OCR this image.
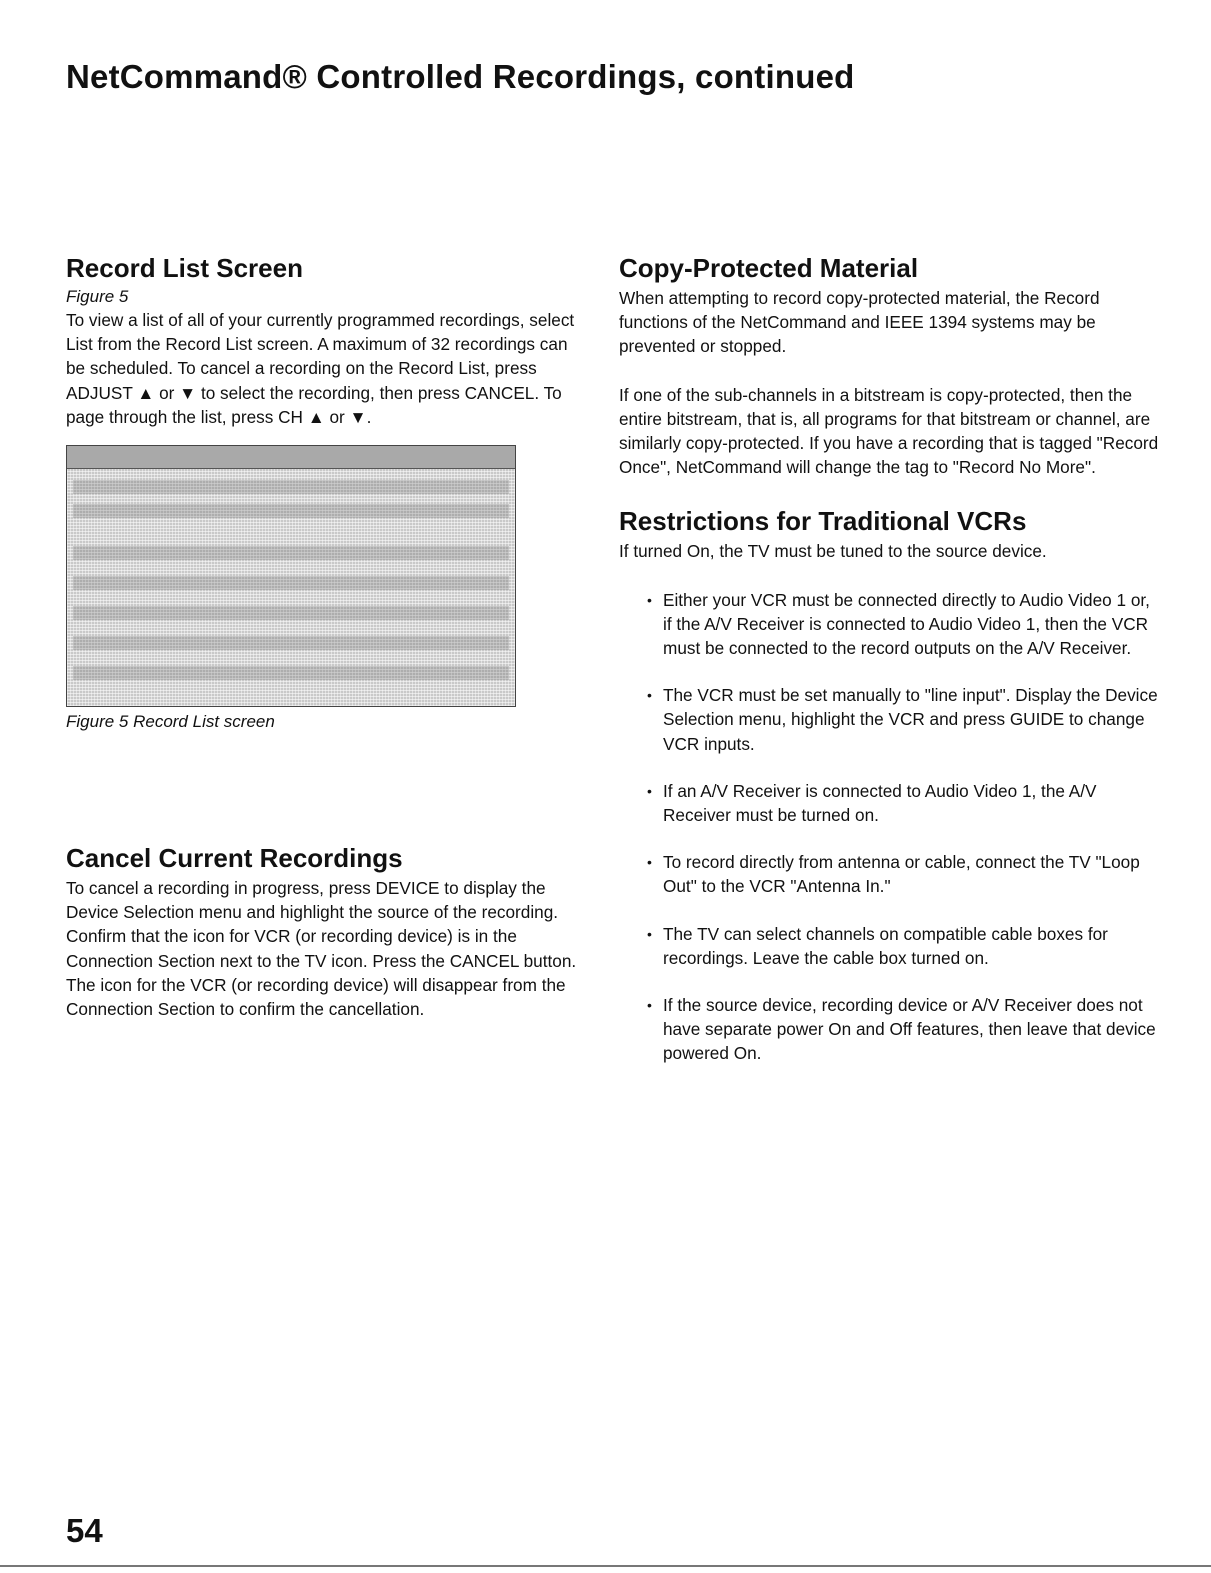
NetCommand® Controlled Recordings, continued
Record List Screen

Figure 5

To view a list of all of your currently programmed recordings, select List from the Record List screen. A maximum of 32 recordings can be scheduled. To cancel a recording on the Record List, press ADJUST ▲ or ▼ to select the recording, then press CANCEL. To page through the list, press CH ▲ or ▼.

Figure 5 Record List screen

Cancel Current Recordings

To cancel a recording in progress, press DEVICE to display the Device Selection menu and highlight the source of the recording. Confirm that the icon for VCR (or recording device) is in the Connection Section next to the TV icon. Press the CANCEL button. The icon for the VCR (or recording device) will disappear from the Connection Section to confirm the cancellation.

Copy-Protected Material

When attempting to record copy-protected material, the Record functions of the NetCommand and IEEE 1394 systems may be prevented or stopped.

If one of the sub-channels in a bitstream is copy-protected, then the entire bitstream, that is, all programs for that bitstream or channel, are similarly copy-protected. If you have a recording that is tagged "Record Once", NetCommand will change the tag to "Record No More".

Restrictions for Traditional VCRs

If turned On, the TV must be tuned to the source device.

• Either your VCR must be connected directly to Audio Video 1 or, if the A/V Receiver is connected to Audio Video 1, then the VCR must be connected to the record outputs on the A/V Receiver.
• The VCR must be set manually to "line input". Display the Device Selection menu, highlight the VCR and press GUIDE to change VCR inputs.
• If an A/V Receiver is connected to Audio Video 1, the A/V Receiver must be turned on.
• To record directly from antenna or cable, connect the TV "Loop Out" to the VCR "Antenna In."
• The TV can select channels on compatible cable boxes for recordings. Leave the cable box turned on.
• If the source device, recording device or A/V Receiver does not have separate power On and Off features, then leave that device powered On.

54
